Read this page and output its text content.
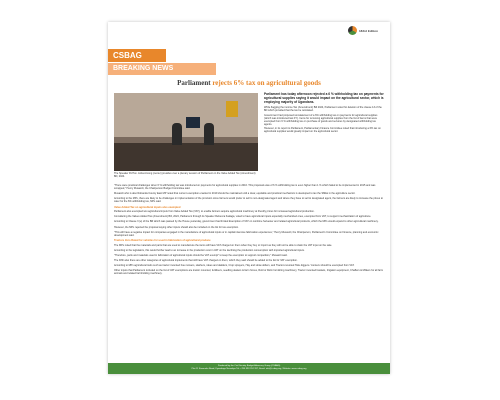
183rd Edition
CSBAG
BREAKING NEWS
Parliament rejects 6% tax on agricultural goods
The Speaker Rt.Hon. Anita Among (center) presides over a plenary session of Parliament on the Value Added Tax (Amendment) Bill, 2024.
Parliament has today afternoon rejected a 6 % withholding tax on payments for agricultural supplies saying it would impact on the agricultural sector, which is employing majority of Ugandans.

While flagging the income Tax (Amendment) Bill 2024, Parliament voted for deletion of the clause 13 of the Bill which provided that the tax be reinstated.

Government had proposed reinstatement of a 6% withholding tax on payments for agricultural supplies (which was introduced last FY). Items for removing agricultural supplies from the list of items that were exempted from 6 % withholding tax on purchase of goods and services by designated withholding tax agents.

However, in its report to Parliament, Parliamentary Finance Committee noted that introducing a 6% tax on agricultural supplies would greatly impact on the agricultural sector.

"There were practical challenges when 6 % withholding tax was introduced on payments for agricultural supplies in 2016. This proposals was of 6 % withholding tax is even higher than 1 % which failed to be implemented in 2015 and was scrapped," Henry Musasizi, the Chairperson Budget Committee said.

Musasizi who is also Rubanda County East MP noted that current exemption enacted in 2019 should be maintained until a clear, equitable and practical mechanism is developed to tax the SMEs in the agriculture sector.

According to the MPs, there are likely to be challenges in implementation of the provision since farmers would prefer to sell to non-designated agent and where they have to sell to designated agent, the farmers are likely to increase the prices to cater for the 6% withholding tax, MPs said.

Value Added Tax on agricultural inputs also exempted

Parliament also exempted two agricultural inputs from Value Added Tax (VAT), to enable farmers acquire agricultural machinery at friendly prices for increased agricultural production.

Considering the Values Added Tax (Amendment) Bill, 2024, Parliament through its Speaker Rebecca Kadaga, voted to have agricultural inputs especially mechanized ones, exempted from VAT, to support mechanization of agriculture.

According to Clause 3 (e) of the Bill which was passed by the House yesterday, government had limited Exemption of VAT on combine harvester and related agricultural products, which the MPs would expand to other agricultural machinery.

However, the MPs rejected the proposal saying other inputs should also be included on the list for tax exemption.

"This will have a negative impact for companies engaged in the manufacture of agricultural inputs or in capital intensive fabrication experiences," Henry Musasizi, the Chairperson, Parliament's Committee on Finance, planning and economic development said.

Tractors Zero Rated for vehicles for used in fabrication of agricultural produce

The MPs noted that the materials and parts that are used to manufacture the items will have VAT charged on them when they buy or import as they will not be able to claim the VAT input on the sale.

According to the legislators, this would further lead to an increase in the production cost in VAT on the declining the production consumption with imported agricultural inputs.

"Therefore, parts and materials used in fabrication of agricultural inputs should be VAT exempt" to keep the exemption to support competition," Musasizi said.

The Fifth also there are other categories of agricultural implements that still have VAT charged on them, which they said should be added to the list for VAT exemption.

According to MPs agricultural tools such as tractor mounted hoe mowers, slashers, rakes and dadders, Crop sprayers, Hay and straw dollers, and Tractor-mounted Hole diggers / Junkers should be exempted from VAT.

Other inputs that Parliament included on the list of VAT exemptions are tractor mounted, fertilisers, seedling dealers & farm forces, Rotil or Rolm furnishing machinery, Tractor mounted baskets, Irrigation equipment, Chaffers & Milkers for all farm animals and related farmholding machinery.

Produced by the Civil Society Budget Advocacy Group (CSBAG)
Plot 11 Kiwanuka Road, Kyambogo Nsambya Tel: +256 393 224 337, Email: info@csbag.org, Website: www.csbag.org
